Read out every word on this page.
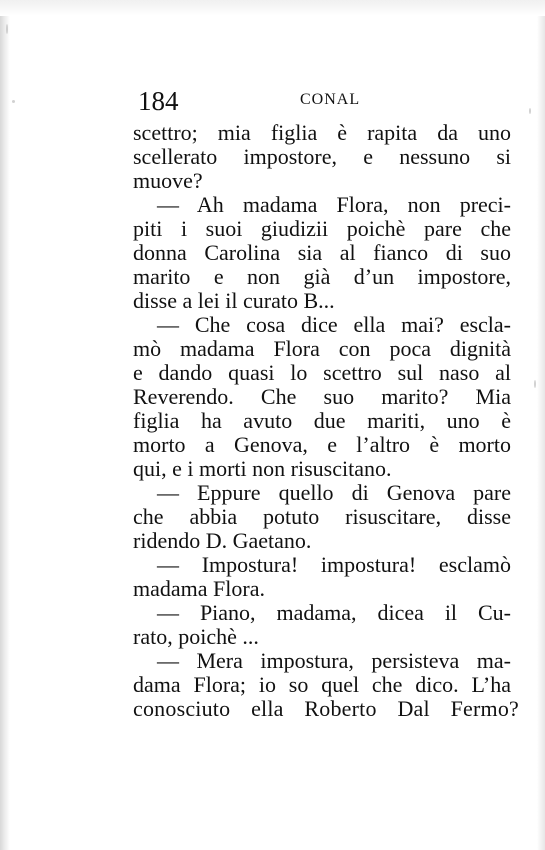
184	CONAL
scettro; mia figlia è rapita da uno
scellerato impostore, e nessuno si
muove?
— Ah madama Flora, non preci-
piti i suoi giudizii poichè pare che
donna Carolina sia al fianco di suo
marito e non già d’un impostore,
disse a lei il curato B...
— Che cosa dice ella mai? escla-
mò madama Flora con poca dignità
e dando quasi lo scettro sul naso al
Reverendo. Che suo marito? Mia
figlia ha avuto due mariti, uno è
morto a Genova, e l’altro è morto
qui, e i morti non risuscitano.
— Eppure quello di Genova pare
che abbia potuto risuscitare, disse
ridendo D. Gaetano.
— Impostura! impostura! esclamò
madama Flora.
— Piano, madama, dicea il Cu-
rato, poichè ...
— Mera impostura, persisteva ma-
dama Flora; io so quel che dico. L’ha
conosciuto ella Roberto Dal Fermo?
